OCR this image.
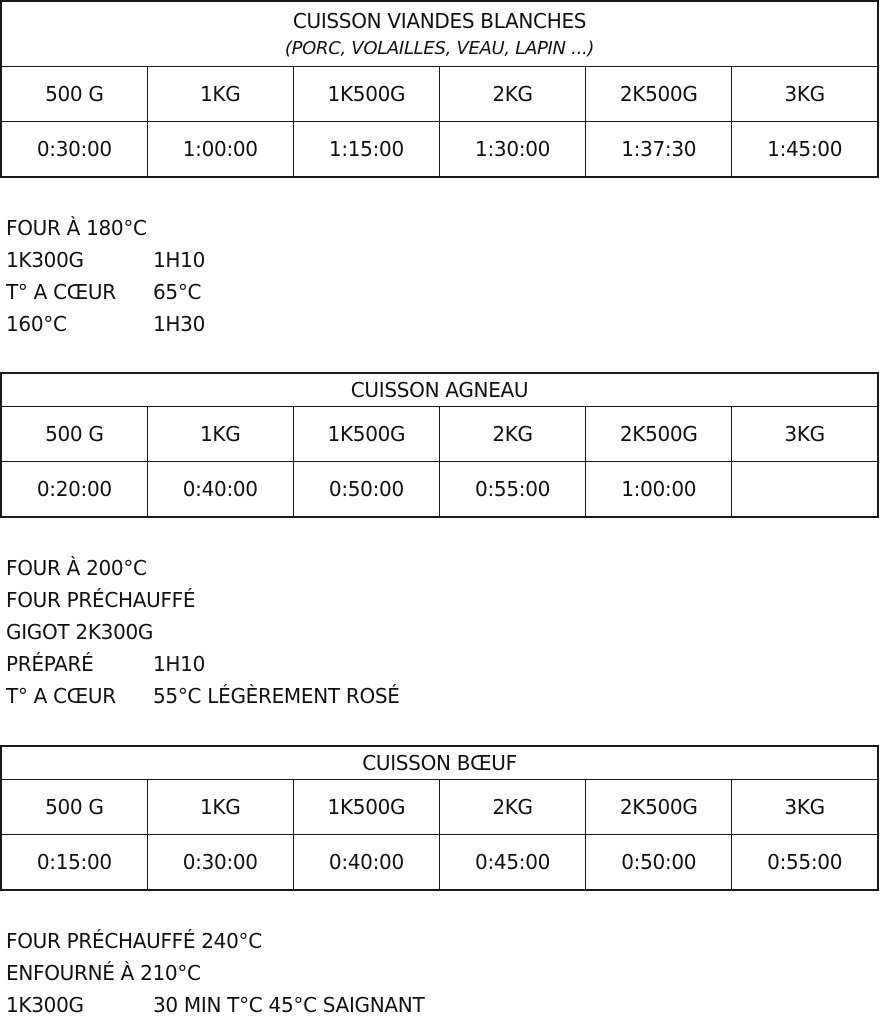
CUISSON VIANDES BLANCHES
(PORC, VOLAILLES, VEAU, LAPIN ...)					

500 G	1KG	1K500G	2KG	2K500G	3KG
0:30:00	1:00:00	1:15:00	1:30:00	1:37:30	1:45:00
FOUR À 180°C
1K300G	1H10
T° A CŒUR 65°C
160°C	1H30
CUISSON AGNEAU					
500 G	1KG	1K500G	2KG	2K500G	3KG
0:20:00	0:40:00	0:50:00	0:55:00	1:00:00	
FOUR À 200°C
FOUR PRÉCHAUFFÉ
GIGOT 2K300G
PRÉPARÉ	1H10
T° A CŒUR 55°C LÉGÈREMENT ROSÉ
CUISSON BŒUF					
500 G	1KG	1K500G	2KG	2K500G	3KG
0:15:00	0:30:00	0:40:00	0:45:00	0:50:00	0:55:00
FOUR PRÉCHAUFFÉ 240°C
ENFOURNÉ À 210°C
1K300G	30 MIN T°C 45°C SAIGNANT
